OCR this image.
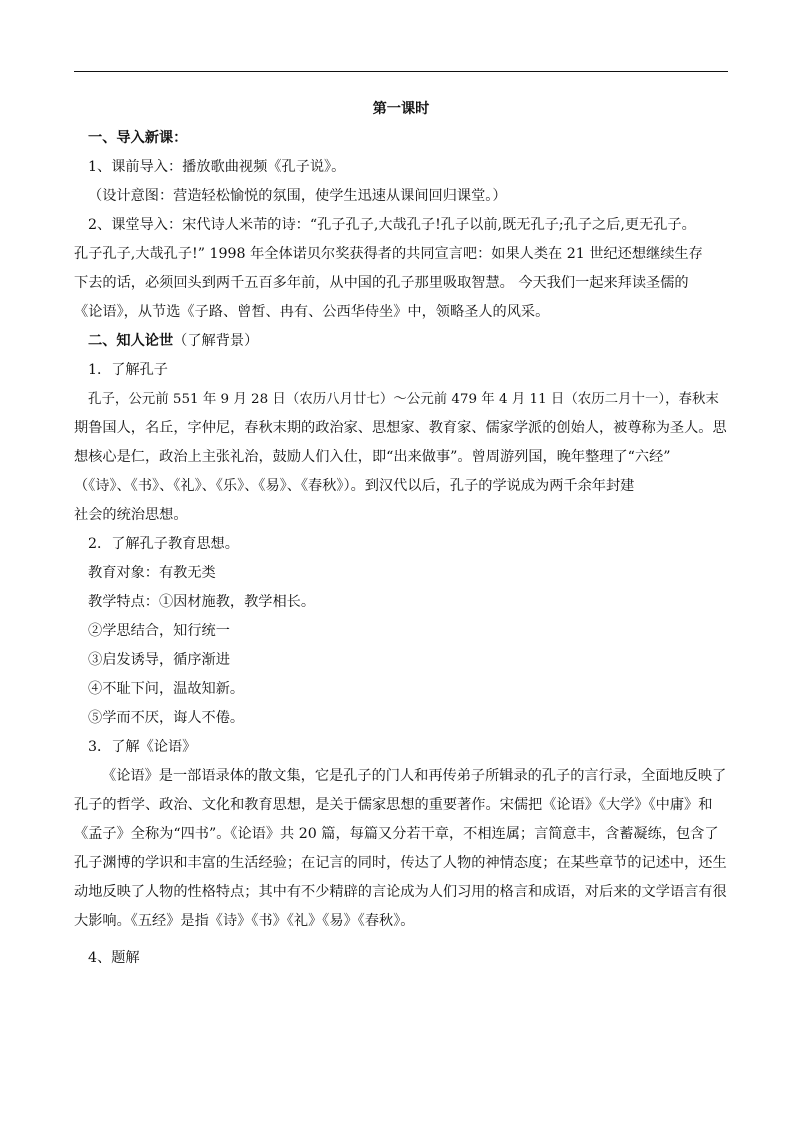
第一课时

一、导入新课：

1、课前导入：播放歌曲视频《孔子说》。

（设计意图：营造轻松愉悦的氛围，使学生迅速从课间回归课堂。）

2、课堂导入：宋代诗人米芾的诗：“孔子孔子,大哉孔子!孔子以前,既无孔子;孔子之后,更无孔子。

孔子孔子,大哉孔子!” 1998 年全体诺贝尔奖获得者的共同宣言吧：如果人类在 21 世纪还想继续生存

下去的话，必须回头到两千五百多年前，从中国的孔子那里吸取智慧。 今天我们一起来拜读圣儒的

《论语》，从节选《子路、曾皙、冉有、公西华侍坐》中，领略圣人的风采。

二、知人论世（了解背景）

1．了解孔子

孔子，公元前 551 年 9 月 28 日（农历八月廿七）～公元前 479 年 4 月 11 日（农历二月十一），春秋末

期鲁国人，名丘，字仲尼，春秋末期的政治家、思想家、教育家、儒家学派的创始人，被尊称为圣人。思

想核心是仁，政治上主张礼治，鼓励人们入仕，即“出来做事”。曾周游列国，晚年整理了“六经”

（《诗》、《书》、《礼》、《乐》、《易》、《春秋》）。到汉代以后，孔子的学说成为两千余年封建

社会的统治思想。

2．了解孔子教育思想。

教育对象：有教无类

教学特点：①因材施教，教学相长。

②学思结合，知行统一

③启发诱导，循序渐进

④不耻下问，温故知新。

⑤学而不厌，诲人不倦。

3．了解《论语》

《论语》是一部语录体的散文集，它是孔子的门人和再传弟子所辑录的孔子的言行录，全面地反映了

孔子的哲学、政治、文化和教育思想，是关于儒家思想的重要著作。宋儒把《论语》《大学》《中庸》和

《孟子》全称为“四书”。《论语》共 20 篇，每篇又分若干章，不相连属；言简意丰，含蓄凝练，包含了

孔子渊博的学识和丰富的生活经验；在记言的同时，传达了人物的神情态度；在某些章节的记述中，还生

动地反映了人物的性格特点；其中有不少精辟的言论成为人们习用的格言和成语，对后来的文学语言有很

大影响。《五经》是指《诗》《书》《礼》《易》《春秋》。

4、题解
